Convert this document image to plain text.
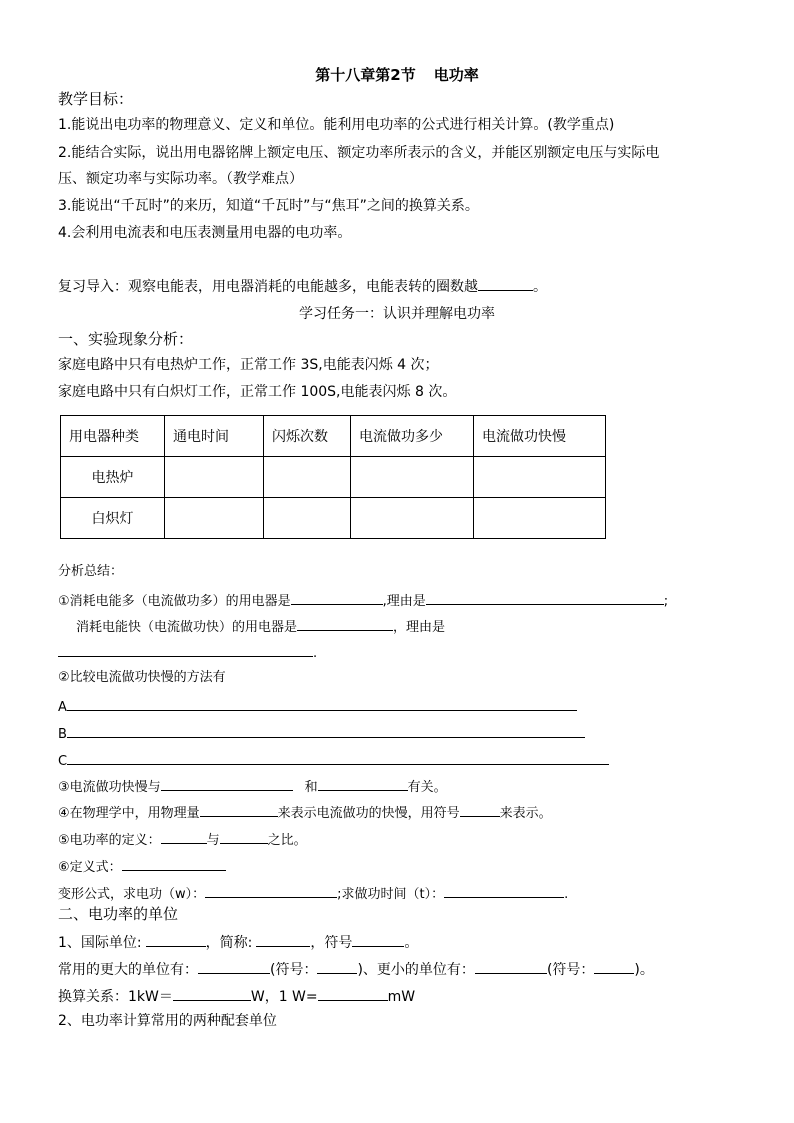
第十八章第2节 电功率
教学目标：
1.能说出电功率的物理意义、定义和单位。能利用电功率的公式进行相关计算。(教学重点)
2.能结合实际，说出用电器铭牌上额定电压、额定功率所表示的含义，并能区别额定电压与实际电
压、额定功率与实际功率。（教学难点）
3.能说出“千瓦时”的来历，知道“千瓦时”与“焦耳”之间的换算关系。
4.会利用电流表和电压表测量用电器的电功率。
复习导入：观察电能表，用电器消耗的电能越多，电能表转的圈数越	。
学习任务一：认识并理解电功率
一、实验现象分析：
家庭电路中只有电热炉工作，正常工作 3S,电能表闪烁 4 次；
家庭电路中只有白炽灯工作，正常工作 100S,电能表闪烁 8 次。
用电器种类	通电时间	闪烁次数	电流做功多少	电流做功快慢
电热炉				
白炽灯				
分析总结：
①消耗电能多（电流做功多）的用电器是	,理由是	;
消耗电能快（电流做功快）的用电器是	，理由是
.
②比较电流做功快慢的方法有
A
B
C
③电流做功快慢与	和	有关。
④在物理学中，用物理量	来表示电流做功的快慢，用符号	来表示。
⑤电功率的定义：	与	之比。
⑥定义式：
变形公式，求电功（w）：	;求做功时间（t）：	.
二、电功率的单位
1、国际单位:	，简称:	，符号	。
常用的更大的单位有：	(符号：	)、更小的单位有：	(符号：	)。
换算关系：1kW＝	W，1 W=	mW
2、电功率计算常用的两种配套单位
